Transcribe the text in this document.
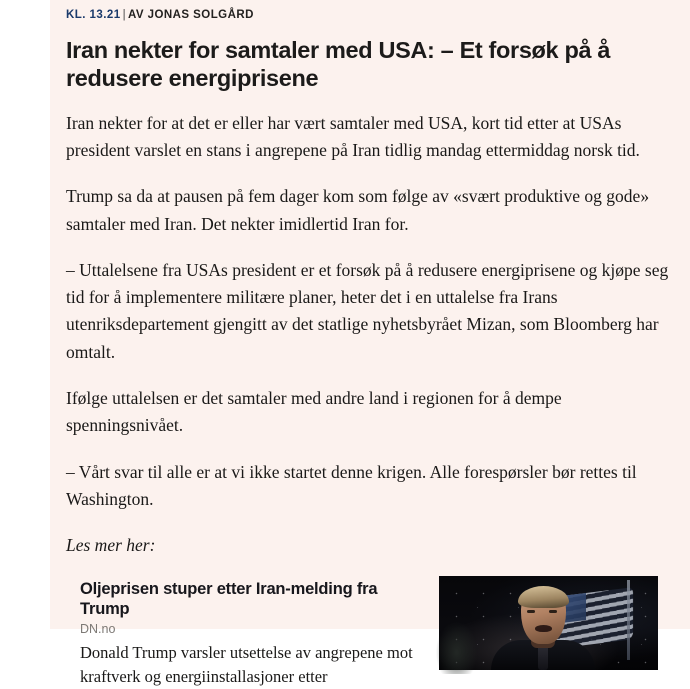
KL. 13.21 | AV JONAS SOLGÅRD
Iran nekter for samtaler med USA: – Et forsøk på å redusere energiprisene

Iran nekter for at det er eller har vært samtaler med USA, kort tid etter at USAs president varslet en stans i angrepene på Iran tidlig mandag ettermiddag norsk tid.

Trump sa da at pausen på fem dager kom som følge av «svært produktive og gode» samtaler med Iran. Det nekter imidlertid Iran for.

– Uttalelsene fra USAs president er et forsøk på å redusere energiprisene og kjøpe seg tid for å implementere militære planer, heter det i en uttalelse fra Irans utenriksdepartement gjengitt av det statlige nyhetsbyrået Mizan, som Bloomberg har omtalt.

Ifølge uttalelsen er det samtaler med andre land i regionen for å dempe spenningsnivået.

– Vårt svar til alle er at vi ikke startet denne krigen. Alle forespørsler bør rettes til Washington.

Les mer her:

Oljeprisen stuper etter Iran-melding fra Trump
DN.no
Donald Trump varsler utsettelse av angrepene mot kraftverk og energiinstallasjoner etter
